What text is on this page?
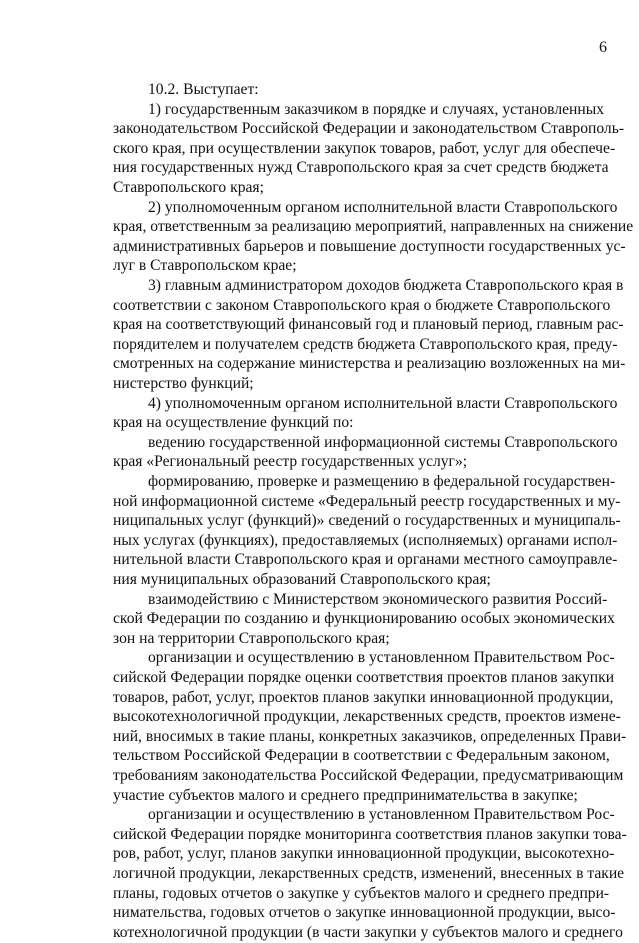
6
10.2. Выступает:
1) государственным заказчиком в порядке и случаях, установленных
законодательством Российской Федерации и законодательством Ставрополь-
ского края, при осуществлении закупок товаров, работ, услуг для обеспече-
ния государственных нужд Ставропольского края за счет средств бюджета
Ставропольского края;
2) уполномоченным органом исполнительной власти Ставропольского
края, ответственным за реализацию мероприятий, направленных на снижение
административных барьеров и повышение доступности государственных ус-
луг в Ставропольском крае;
3) главным администратором доходов бюджета Ставропольского края в
соответствии с законом Ставропольского края о бюджете Ставропольского
края на соответствующий финансовый год и плановый период, главным рас-
порядителем и получателем средств бюджета Ставропольского края, преду-
смотренных на содержание министерства и реализацию возложенных на ми-
нистерство функций;
4) уполномоченным органом исполнительной власти Ставропольского
края на осуществление функций по:
ведению государственной информационной системы Ставропольского
края «Региональный реестр государственных услуг»;
формированию, проверке и размещению в федеральной государствен-
ной информационной системе «Федеральный реестр государственных и му-
ниципальных услуг (функций)» сведений о государственных и муниципаль-
ных услугах (функциях), предоставляемых (исполняемых) органами испол-
нительной власти Ставропольского края и органами местного самоуправле-
ния муниципальных образований Ставропольского края;
взаимодействию с Министерством экономического развития Россий-
ской Федерации по созданию и функционированию особых экономических
зон на территории Ставропольского края;
организации и осуществлению в установленном Правительством Рос-
сийской Федерации порядке оценки соответствия проектов планов закупки
товаров, работ, услуг, проектов планов закупки инновационной продукции,
высокотехнологичной продукции, лекарственных средств, проектов измене-
ний, вносимых в такие планы, конкретных заказчиков, определенных Прави-
тельством Российской Федерации в соответствии с Федеральным законом,
требованиям законодательства Российской Федерации, предусматривающим
участие субъектов малого и среднего предпринимательства в закупке;
организации и осуществлению в установленном Правительством Рос-
сийской Федерации порядке мониторинга соответствия планов закупки това-
ров, работ, услуг, планов закупки инновационной продукции, высокотехно-
логичной продукции, лекарственных средств, изменений, внесенных в такие
планы, годовых отчетов о закупке у субъектов малого и среднего предпри-
нимательства, годовых отчетов о закупке инновационной продукции, высо-
котехнологичной продукции (в части закупки у субъектов малого и среднего
